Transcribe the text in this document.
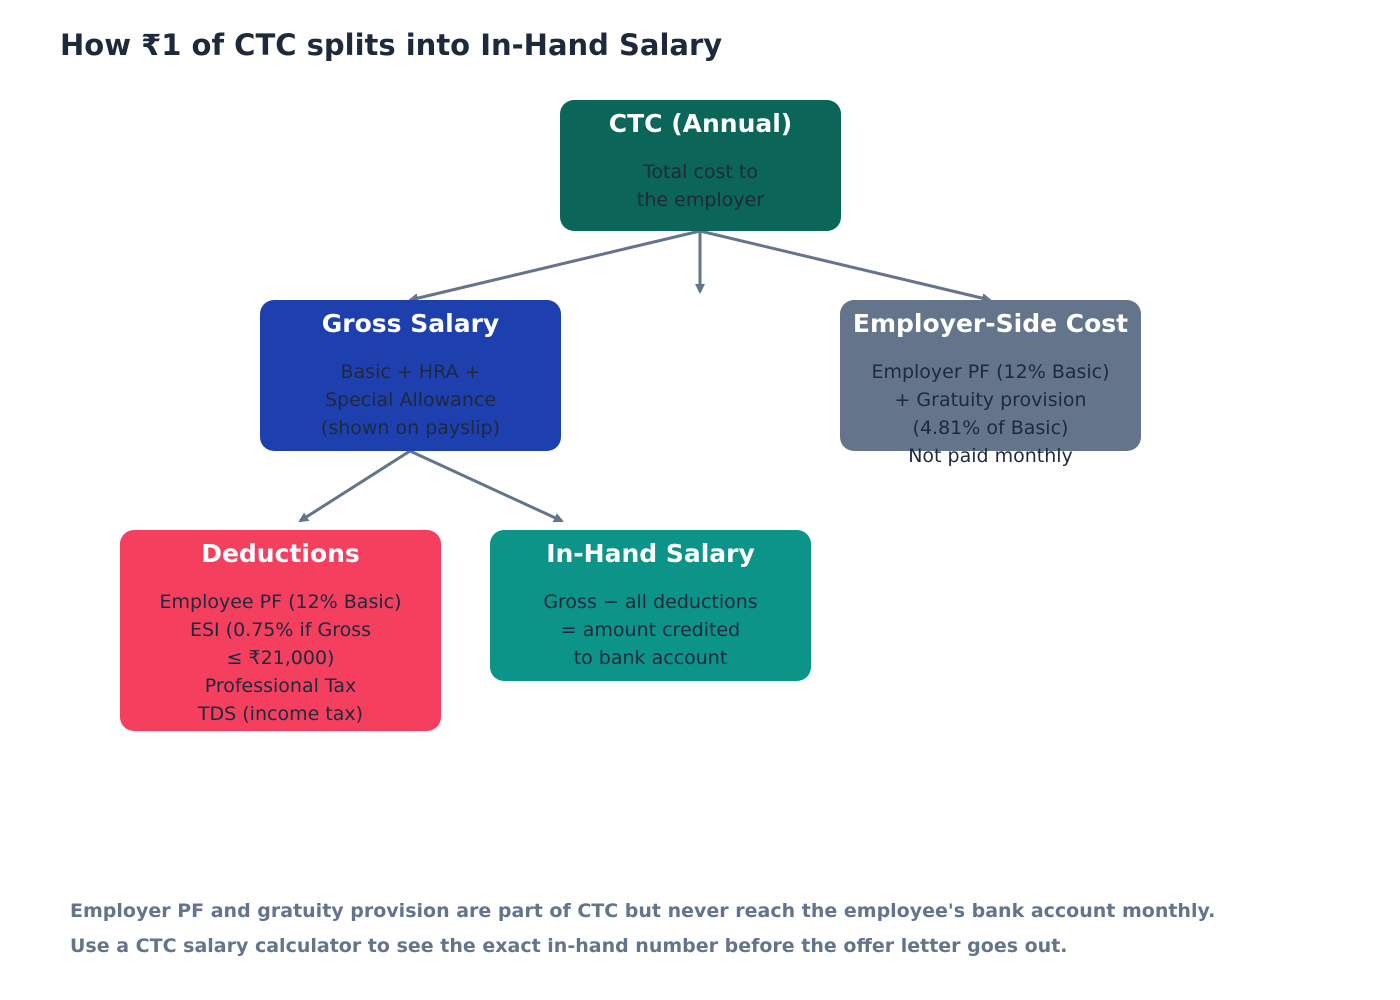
How ₹1 of CTC splits into In-Hand Salary
CTC (Annual)
Total cost to
the employer
Gross Salary
Basic + HRA +
Special Allowance
(shown on payslip)
Employer-Side Cost
Employer PF (12% Basic)
+ Gratuity provision
(4.81% of Basic)
Not paid monthly
Deductions
Employee PF (12% Basic)
ESI (0.75% if Gross
≤ ₹21,000)
Professional Tax
TDS (income tax)
In-Hand Salary
Gross − all deductions
= amount credited
to bank account
Employer PF and gratuity provision are part of CTC but never reach the employee's bank account monthly.
Use a CTC salary calculator to see the exact in-hand number before the offer letter goes out.
